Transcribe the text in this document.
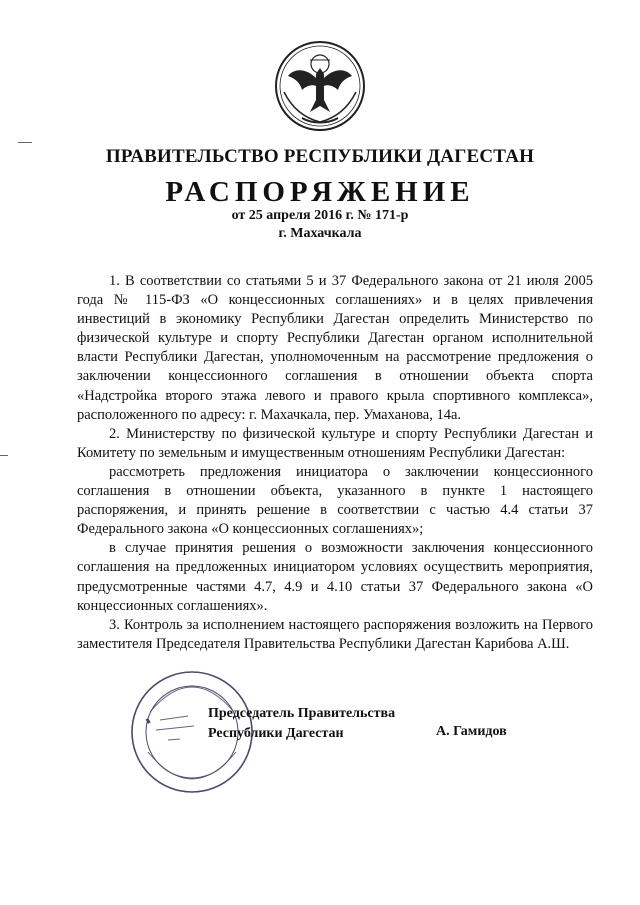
ПРАВИТЕЛЬСТВО РЕСПУБЛИКИ ДАГЕСТАН
РАСПОРЯЖЕНИЕ
от 25 апреля 2016 г. № 171-р
г. Махачкала

1. В соответствии со статьями 5 и 37 Федерального закона от 21 июля 2005 года № 115-ФЗ «О концессионных соглашениях» и в целях привлечения инвестиций в экономику Республики Дагестан определить Министерство по физической культуре и спорту Республики Дагестан органом исполнительной власти Республики Дагестан, уполномоченным на рассмотрение предложения о заключении концессионного соглашения в отношении объекта спорта «Надстройка второго этажа левого и правого крыла спортивного комплекса», расположенного по адресу: г. Махачкала, пер. Умаханова, 14а.

2. Министерству по физической культуре и спорту Республики Дагестан и Комитету по земельным и имущественным отношениям Республики Дагестан:

рассмотреть предложения инициатора о заключении концессионного соглашения в отношении объекта, указанного в пункте 1 настоящего распоряжения, и принять решение в соответствии с частью 4.4 статьи 37 Федерального закона «О концессионных соглашениях»;

в случае принятия решения о возможности заключения концессионного соглашения на предложенных инициатором условиях осуществить мероприятия, предусмотренные частями 4.7, 4.9 и 4.10 статьи 37 Федерального закона «О концессионных соглашениях».

3. Контроль за исполнением настоящего распоряжения возложить на Первого заместителя Председателя Правительства Республики Дагестан Карибова А.Ш.

Председатель Правительства
Республики Дагестан	А. Гамидов
